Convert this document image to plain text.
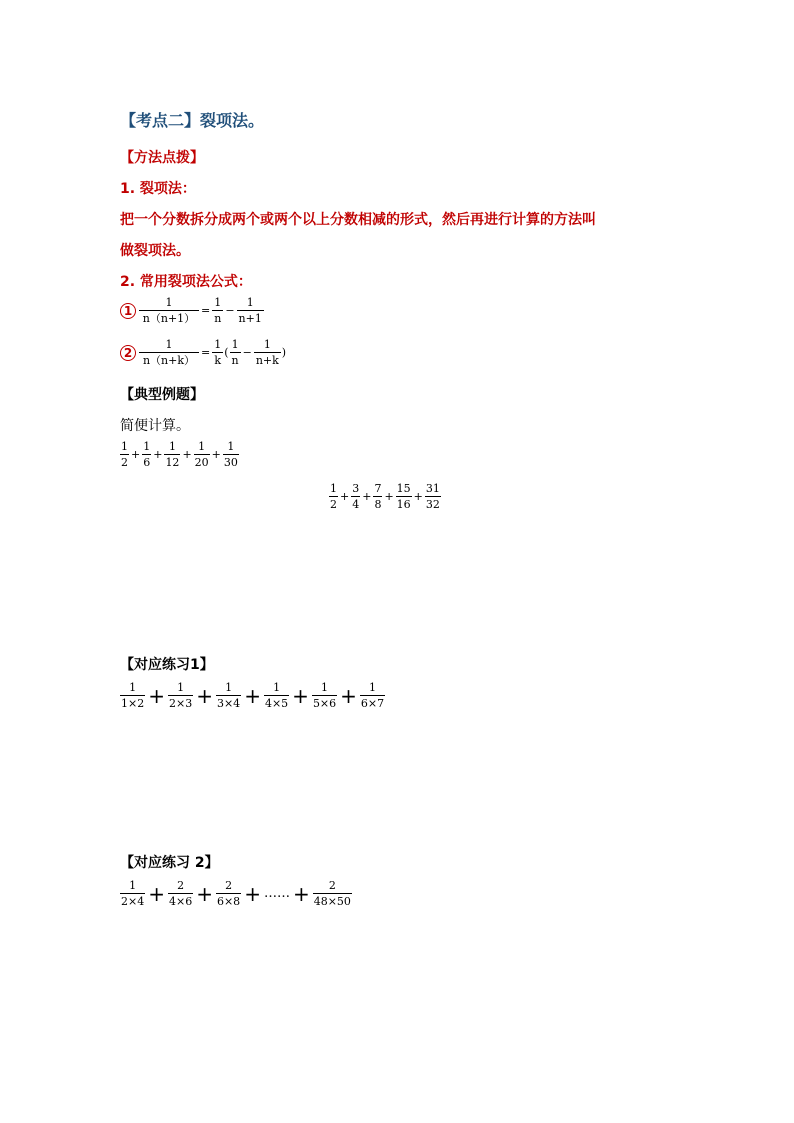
【考点二】裂项法。
【方法点拨】
1. 裂项法：
把一个分数拆分成两个或两个以上分数相减的形式，然后再进行计算的方法叫
做裂项法。
2. 常用裂项法公式：
$1 \frac{1}{n(n+1)} = \frac{1}{n} - \frac{1}{n+1}$
$2 \frac{1}{n(n+k)} = \frac{1}{k}$ ( $\frac{1}{n} - \frac{1}{n+k}$ )
【典型例题】
简便计算。
$\frac{1}{2} + \frac{1}{6} + \frac{1}{12} + \frac{1}{20} + \frac{1}{30}$
$\frac{1}{2} + \frac{3}{4} + \frac{7}{8} + \frac{15}{16} + \frac{31}{32}$
【对应练习1】
$\frac{1}{1\times 2} + \frac{1}{2\times 3} + \frac{1}{3\times 4} + \frac{1}{4\times 5} + \frac{1}{5\times 6} + \frac{1}{6\times 7}$
【对应练习 2】
$\frac{1}{2\times 4} + \frac{2}{4\times 6} + \frac{2}{6\times 8}$ + …… + $\frac{2}{48\times 50}$
